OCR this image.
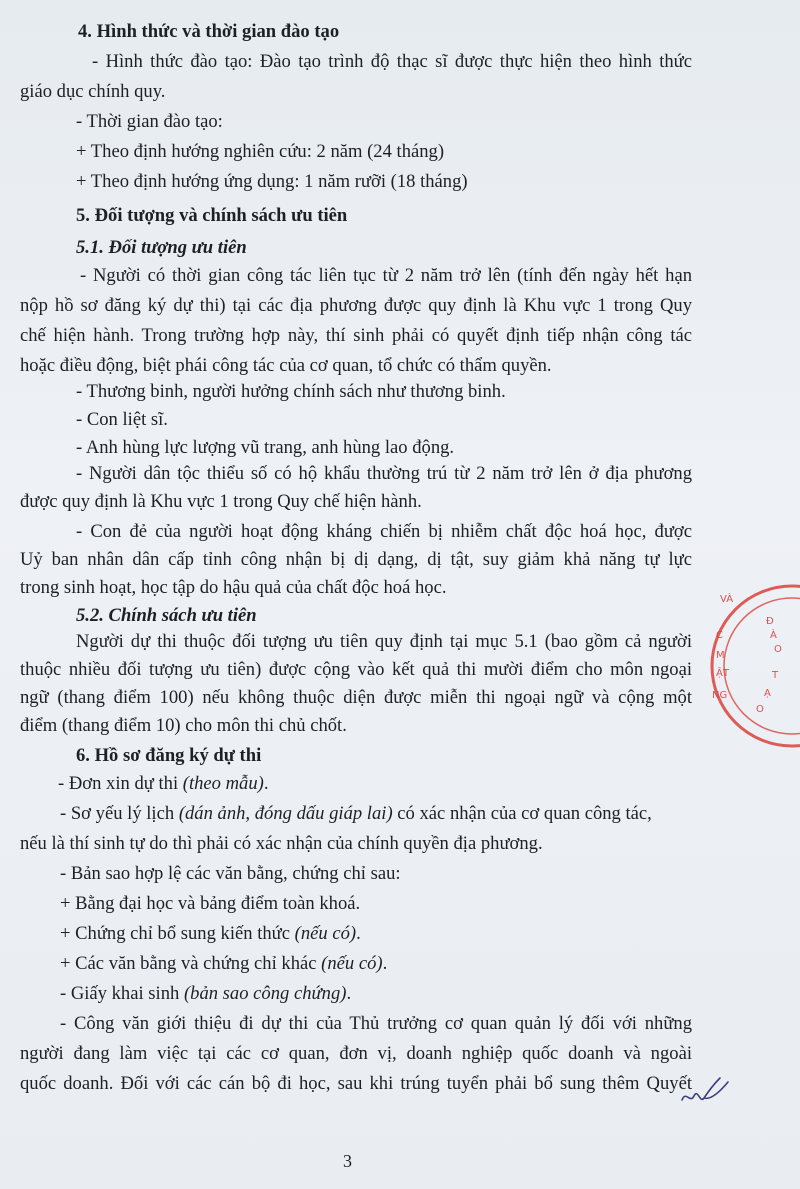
4. Hình thức và thời gian đào tạo
- Hình thức đào tạo: Đào tạo trình độ thạc sĩ được thực hiện theo hình thức
giáo dục chính quy.
- Thời gian đào tạo:
+ Theo định hướng nghiên cứu: 2 năm (24 tháng)
+ Theo định hướng ứng dụng: 1 năm rưỡi (18 tháng)
5. Đối tượng và chính sách ưu tiên
5.1. Đối tượng ưu tiên
- Người có thời gian công tác liên tục từ 2 năm trở lên (tính đến ngày hết hạn
nộp hồ sơ đăng ký dự thi) tại các địa phương được quy định là Khu vực 1 trong Quy
chế hiện hành. Trong trường hợp này, thí sinh phải có quyết định tiếp nhận công tác
hoặc điều động, biệt phái công tác của cơ quan, tổ chức có thẩm quyền.
- Thương binh, người hưởng chính sách như thương binh.
- Con liệt sĩ.
- Anh hùng lực lượng vũ trang, anh hùng lao động.
- Người dân tộc thiểu số có hộ khẩu thường trú từ 2 năm trở lên ở địa phương
được quy định là Khu vực 1 trong Quy chế hiện hành.
- Con đẻ của người hoạt động kháng chiến bị nhiễm chất độc hoá học, được
Uỷ ban nhân dân cấp tỉnh công nhận bị dị dạng, dị tật, suy giảm khả năng tự lực
trong sinh hoạt, học tập do hậu quả của chất độc hoá học.
5.2. Chính sách ưu tiên
Người dự thi thuộc đối tượng ưu tiên quy định tại mục 5.1 (bao gồm cả người
thuộc nhiều đối tượng ưu tiên) được cộng vào kết quả thi mười điểm cho môn ngoại
ngữ (thang điểm 100) nếu không thuộc diện được miễn thi ngoại ngữ và cộng một
điểm (thang điểm 10) cho môn thi chủ chốt.
6. Hồ sơ đăng ký dự thi
- Đơn xin dự thi (theo mẫu).
- Sơ yếu lý lịch (dán ảnh, đóng dấu giáp lai) có xác nhận của cơ quan công tác,
nếu là thí sinh tự do thì phải có xác nhận của chính quyền địa phương.
- Bản sao hợp lệ các văn bằng, chứng chỉ sau:
+ Bằng đại học và bảng điểm toàn khoá.
+ Chứng chỉ bổ sung kiến thức (nếu có).
+ Các văn bằng và chứng chỉ khác (nếu có).
- Giấy khai sinh (bản sao công chứng).
- Công văn giới thiệu đi dự thi của Thủ trưởng cơ quan quản lý đối với những
người đang làm việc tại các cơ quan, đơn vị, doanh nghiệp quốc doanh và ngoài
quốc doanh. Đối với các cán bộ đi học, sau khi trúng tuyển phải bổ sung thêm Quyết
VÀ Đ À O C M ẬT NG T Ạ O
3
